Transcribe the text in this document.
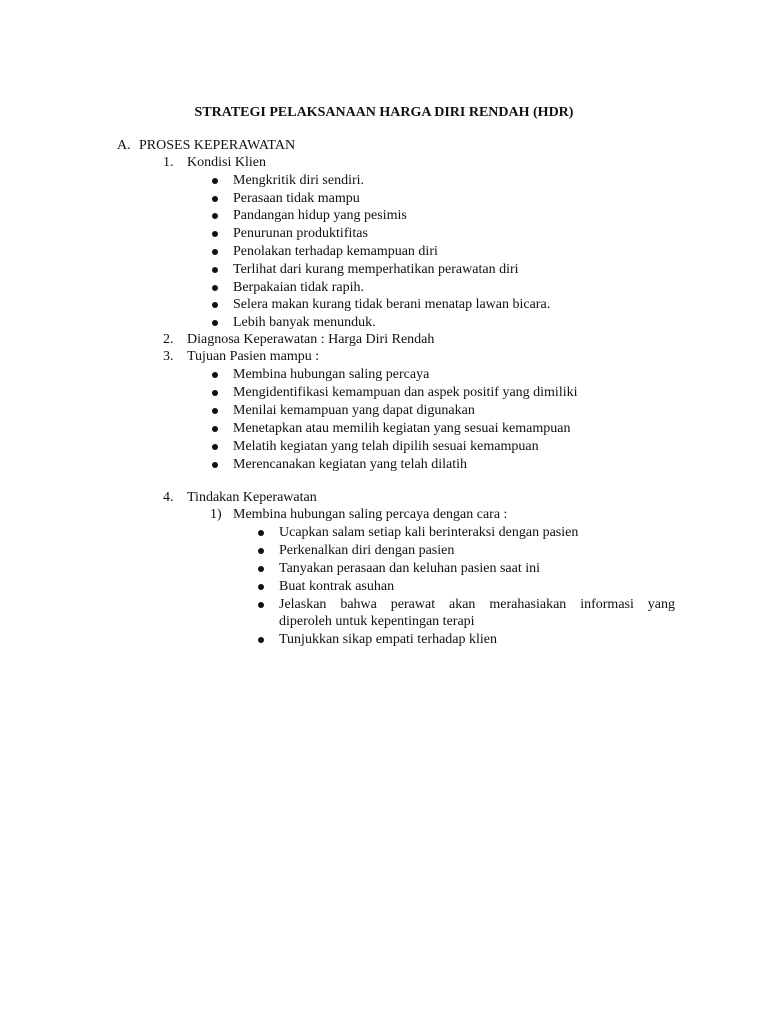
STRATEGI PELAKSANAAN HARGA DIRI RENDAH (HDR)
A. PROSES KEPERAWATAN
1. Kondisi Klien
Mengkritik diri sendiri.
Perasaan tidak mampu
Pandangan hidup yang pesimis
Penurunan produktifitas
Penolakan terhadap kemampuan diri
Terlihat dari kurang memperhatikan perawatan diri
Berpakaian tidak rapih.
Selera makan kurang tidak berani menatap lawan bicara.
Lebih banyak menunduk.
2. Diagnosa Keperawatan : Harga Diri Rendah
3. Tujuan Pasien mampu :
Membina hubungan saling percaya
Mengidentifikasi kemampuan dan aspek positif yang dimiliki
Menilai kemampuan yang dapat digunakan
Menetapkan atau memilih kegiatan yang sesuai kemampuan
Melatih kegiatan yang telah dipilih sesuai kemampuan
Merencanakan kegiatan yang telah dilatih
4. Tindakan Keperawatan
1) Membina hubungan saling percaya dengan cara :
Ucapkan salam setiap kali berinteraksi dengan pasien
Perkenalkan diri dengan pasien
Tanyakan perasaan dan keluhan pasien saat ini
Buat kontrak asuhan
Jelaskan bahwa perawat akan merahasiakan informasi yang
diperoleh untuk kepentingan terapi
Tunjukkan sikap empati terhadap klien
